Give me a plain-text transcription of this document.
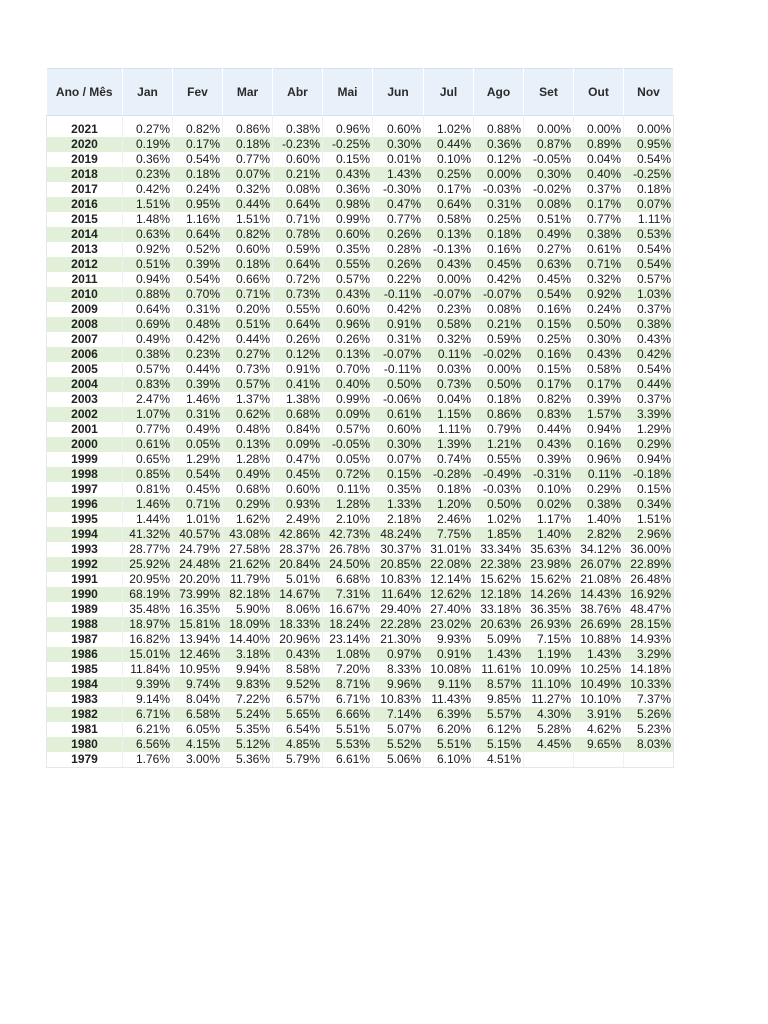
Ano / Mês	Jan	Fev	Mar	Abr	Mai	Jun	Jul	Ago	Set	Out	Nov

2021	0.27%	0.82%	0.86%	0.38%	0.96%	0.60%	1.02%	0.88%	0.00%	0.00%	0.00%
2020	0.19%	0.17%	0.18%	-0.23%	-0.25%	0.30%	0.44%	0.36%	0.87%	0.89%	0.95%
2019	0.36%	0.54%	0.77%	0.60%	0.15%	0.01%	0.10%	0.12%	-0.05%	0.04%	0.54%
2018	0.23%	0.18%	0.07%	0.21%	0.43%	1.43%	0.25%	0.00%	0.30%	0.40%	-0.25%
2017	0.42%	0.24%	0.32%	0.08%	0.36%	-0.30%	0.17%	-0.03%	-0.02%	0.37%	0.18%
2016	1.51%	0.95%	0.44%	0.64%	0.98%	0.47%	0.64%	0.31%	0.08%	0.17%	0.07%
2015	1.48%	1.16%	1.51%	0.71%	0.99%	0.77%	0.58%	0.25%	0.51%	0.77%	1.11%
2014	0.63%	0.64%	0.82%	0.78%	0.60%	0.26%	0.13%	0.18%	0.49%	0.38%	0.53%
2013	0.92%	0.52%	0.60%	0.59%	0.35%	0.28%	-0.13%	0.16%	0.27%	0.61%	0.54%
2012	0.51%	0.39%	0.18%	0.64%	0.55%	0.26%	0.43%	0.45%	0.63%	0.71%	0.54%
2011	0.94%	0.54%	0.66%	0.72%	0.57%	0.22%	0.00%	0.42%	0.45%	0.32%	0.57%
2010	0.88%	0.70%	0.71%	0.73%	0.43%	-0.11%	-0.07%	-0.07%	0.54%	0.92%	1.03%
2009	0.64%	0.31%	0.20%	0.55%	0.60%	0.42%	0.23%	0.08%	0.16%	0.24%	0.37%
2008	0.69%	0.48%	0.51%	0.64%	0.96%	0.91%	0.58%	0.21%	0.15%	0.50%	0.38%
2007	0.49%	0.42%	0.44%	0.26%	0.26%	0.31%	0.32%	0.59%	0.25%	0.30%	0.43%
2006	0.38%	0.23%	0.27%	0.12%	0.13%	-0.07%	0.11%	-0.02%	0.16%	0.43%	0.42%
2005	0.57%	0.44%	0.73%	0.91%	0.70%	-0.11%	0.03%	0.00%	0.15%	0.58%	0.54%
2004	0.83%	0.39%	0.57%	0.41%	0.40%	0.50%	0.73%	0.50%	0.17%	0.17%	0.44%
2003	2.47%	1.46%	1.37%	1.38%	0.99%	-0.06%	0.04%	0.18%	0.82%	0.39%	0.37%
2002	1.07%	0.31%	0.62%	0.68%	0.09%	0.61%	1.15%	0.86%	0.83%	1.57%	3.39%
2001	0.77%	0.49%	0.48%	0.84%	0.57%	0.60%	1.11%	0.79%	0.44%	0.94%	1.29%
2000	0.61%	0.05%	0.13%	0.09%	-0.05%	0.30%	1.39%	1.21%	0.43%	0.16%	0.29%
1999	0.65%	1.29%	1.28%	0.47%	0.05%	0.07%	0.74%	0.55%	0.39%	0.96%	0.94%
1998	0.85%	0.54%	0.49%	0.45%	0.72%	0.15%	-0.28%	-0.49%	-0.31%	0.11%	-0.18%
1997	0.81%	0.45%	0.68%	0.60%	0.11%	0.35%	0.18%	-0.03%	0.10%	0.29%	0.15%
1996	1.46%	0.71%	0.29%	0.93%	1.28%	1.33%	1.20%	0.50%	0.02%	0.38%	0.34%
1995	1.44%	1.01%	1.62%	2.49%	2.10%	2.18%	2.46%	1.02%	1.17%	1.40%	1.51%
1994	41.32%	40.57%	43.08%	42.86%	42.73%	48.24%	7.75%	1.85%	1.40%	2.82%	2.96%
1993	28.77%	24.79%	27.58%	28.37%	26.78%	30.37%	31.01%	33.34%	35.63%	34.12%	36.00%
1992	25.92%	24.48%	21.62%	20.84%	24.50%	20.85%	22.08%	22.38%	23.98%	26.07%	22.89%
1991	20.95%	20.20%	11.79%	5.01%	6.68%	10.83%	12.14%	15.62%	15.62%	21.08%	26.48%
1990	68.19%	73.99%	82.18%	14.67%	7.31%	11.64%	12.62%	12.18%	14.26%	14.43%	16.92%
1989	35.48%	16.35%	5.90%	8.06%	16.67%	29.40%	27.40%	33.18%	36.35%	38.76%	48.47%
1988	18.97%	15.81%	18.09%	18.33%	18.24%	22.28%	23.02%	20.63%	26.93%	26.69%	28.15%
1987	16.82%	13.94%	14.40%	20.96%	23.14%	21.30%	9.93%	5.09%	7.15%	10.88%	14.93%
1986	15.01%	12.46%	3.18%	0.43%	1.08%	0.97%	0.91%	1.43%	1.19%	1.43%	3.29%
1985	11.84%	10.95%	9.94%	8.58%	7.20%	8.33%	10.08%	11.61%	10.09%	10.25%	14.18%
1984	9.39%	9.74%	9.83%	9.52%	8.71%	9.96%	9.11%	8.57%	11.10%	10.49%	10.33%
1983	9.14%	8.04%	7.22%	6.57%	6.71%	10.83%	11.43%	9.85%	11.27%	10.10%	7.37%
1982	6.71%	6.58%	5.24%	5.65%	6.66%	7.14%	6.39%	5.57%	4.30%	3.91%	5.26%
1981	6.21%	6.05%	5.35%	6.54%	5.51%	5.07%	6.20%	6.12%	5.28%	4.62%	5.23%
1980	6.56%	4.15%	5.12%	4.85%	5.53%	5.52%	5.51%	5.15%	4.45%	9.65%	8.03%
1979	1.76%	3.00%	5.36%	5.79%	6.61%	5.06%	6.10%	4.51%			
